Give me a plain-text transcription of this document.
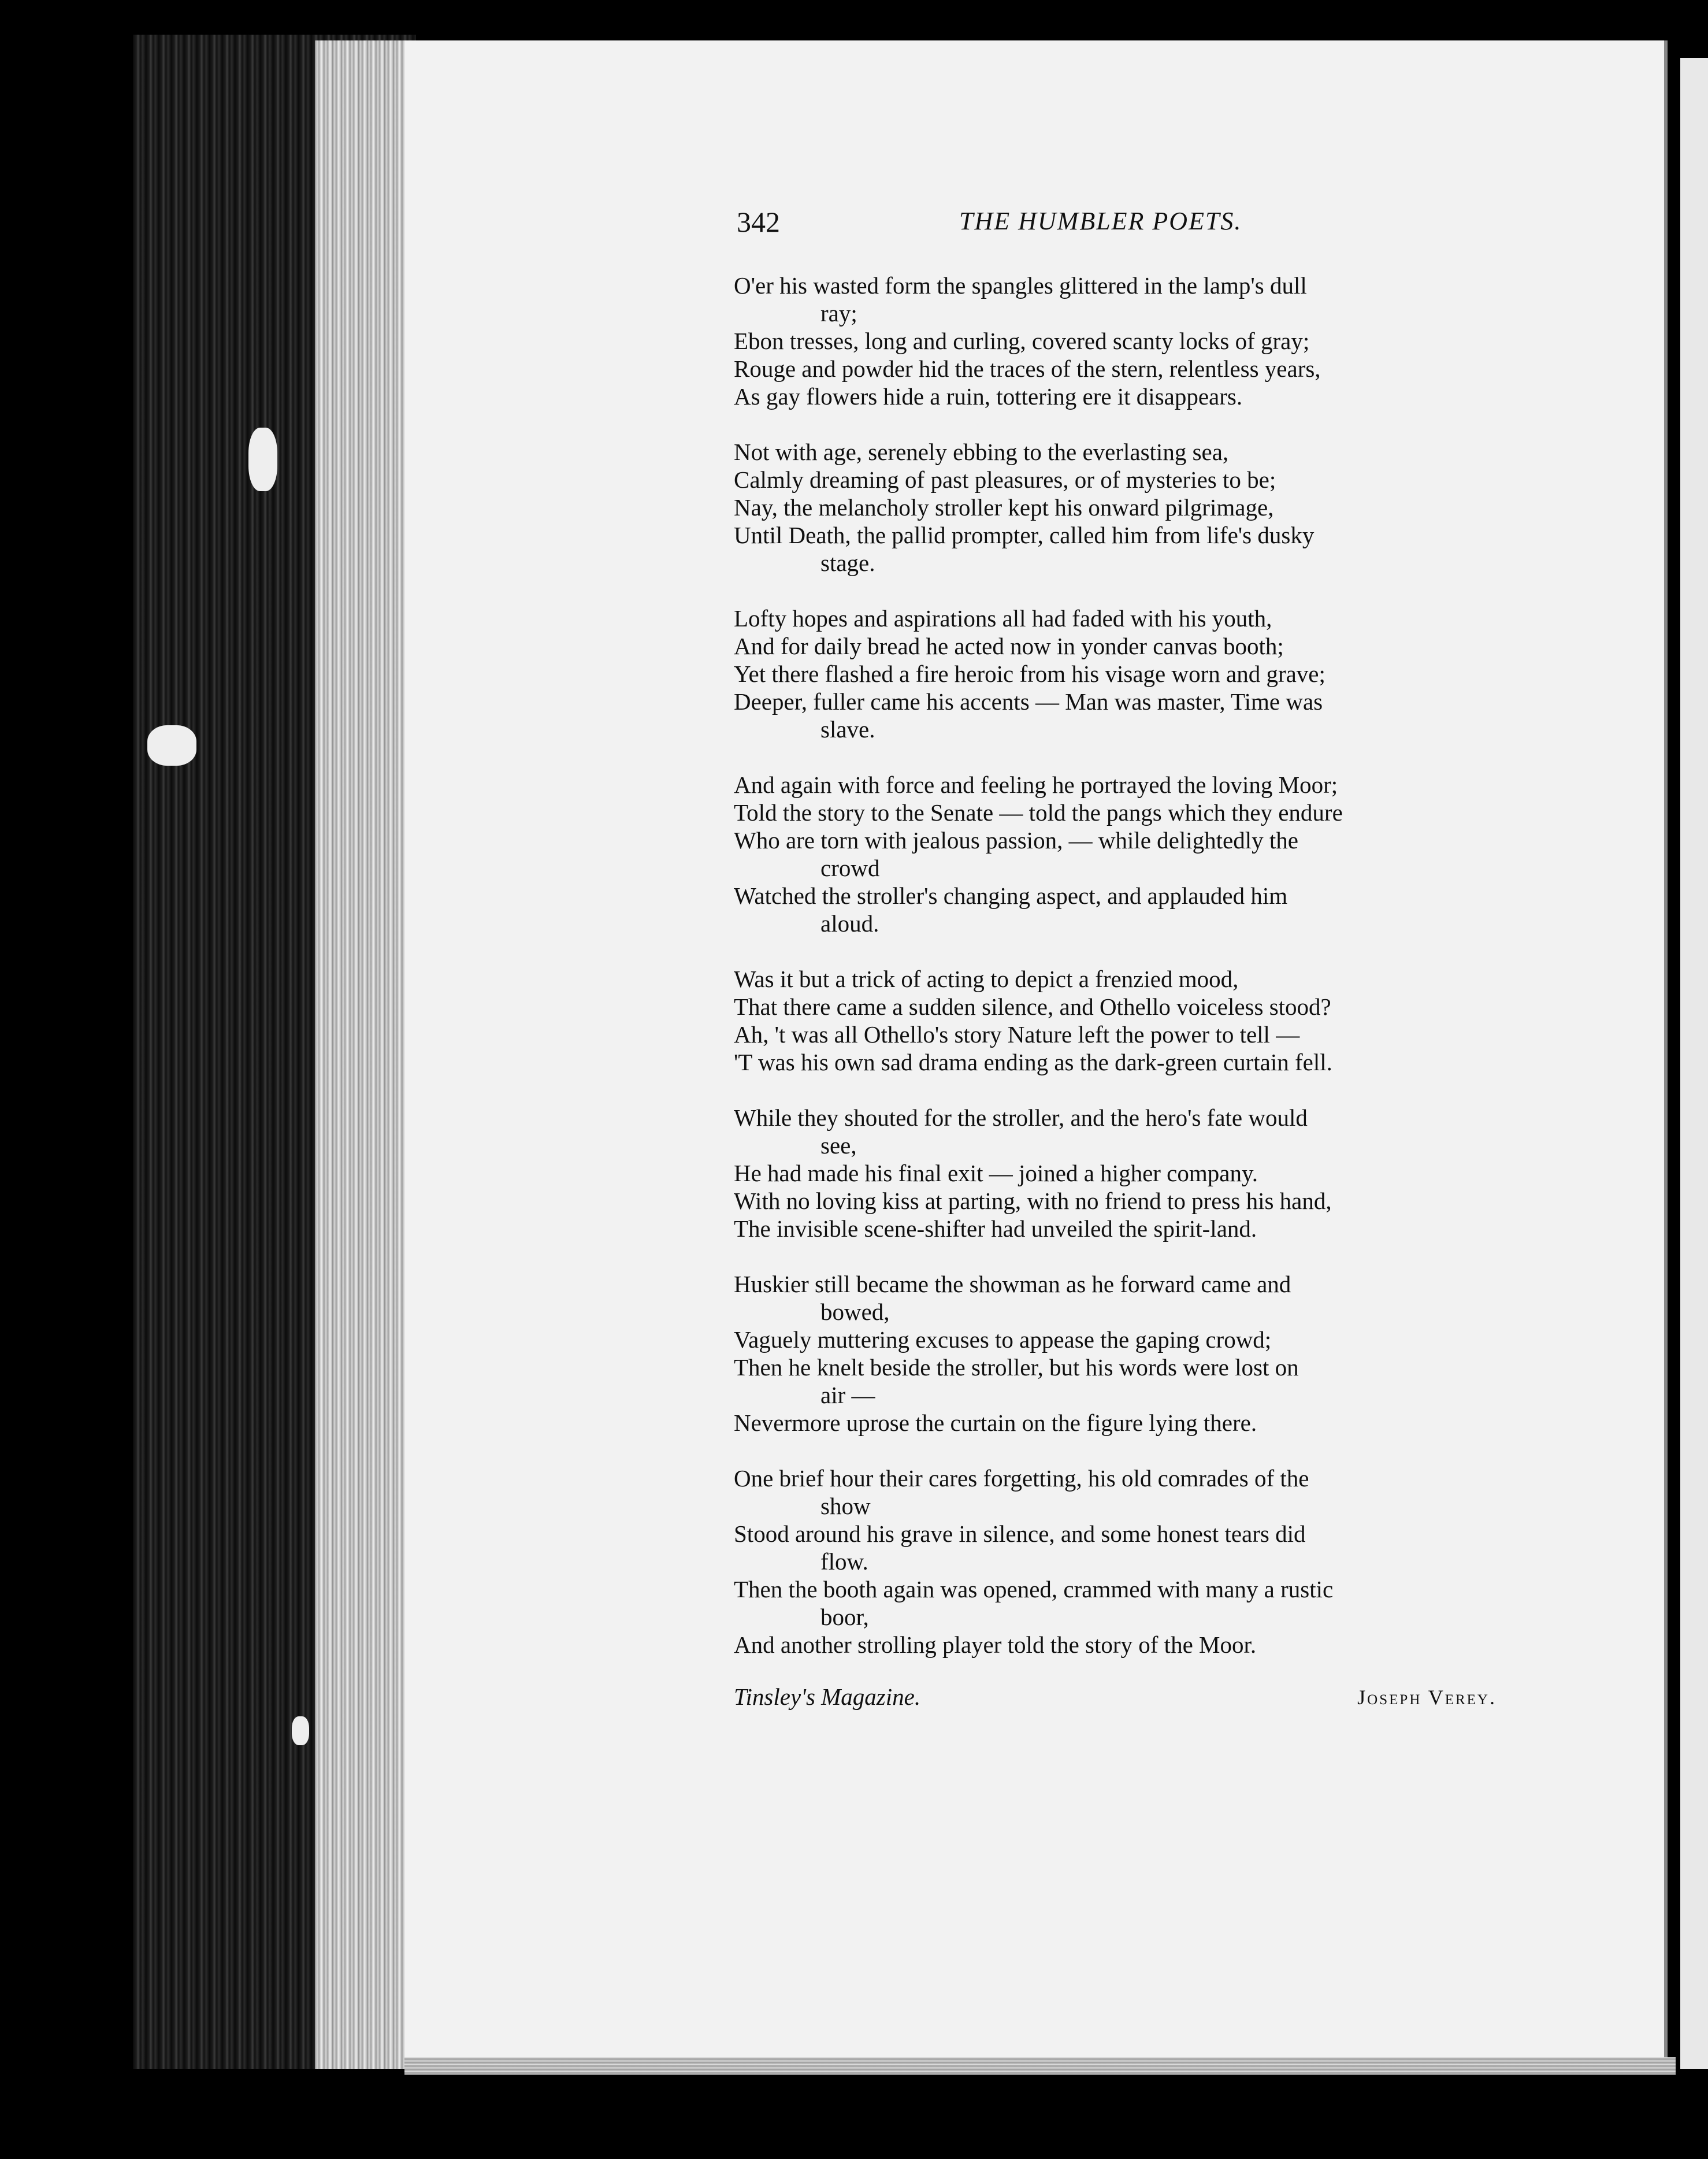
342	THE HUMBLER POETS.
O'er his wasted form the spangles glittered in the lamp's dull
ray;
Ebon tresses, long and curling, covered scanty locks of gray;
Rouge and powder hid the traces of the stern, relentless years,
As gay flowers hide a ruin, tottering ere it disappears.
Not with age, serenely ebbing to the everlasting sea,
Calmly dreaming of past pleasures, or of mysteries to be;
Nay, the melancholy stroller kept his onward pilgrimage,
Until Death, the pallid prompter, called him from life's dusky
stage.
Lofty hopes and aspirations all had faded with his youth,
And for daily bread he acted now in yonder canvas booth;
Yet there flashed a fire heroic from his visage worn and grave;
Deeper, fuller came his accents — Man was master, Time was
slave.
And again with force and feeling he portrayed the loving Moor;
Told the story to the Senate — told the pangs which they endure
Who are torn with jealous passion, — while delightedly the
crowd
Watched the stroller's changing aspect, and applauded him
aloud.
Was it but a trick of acting to depict a frenzied mood,
That there came a sudden silence, and Othello voiceless stood?
Ah, 't was all Othello's story Nature left the power to tell —
'T was his own sad drama ending as the dark-green curtain fell.
While they shouted for the stroller, and the hero's fate would
see,
He had made his final exit — joined a higher company.
With no loving kiss at parting, with no friend to press his hand,
The invisible scene-shifter had unveiled the spirit-land.
Huskier still became the showman as he forward came and
bowed,
Vaguely muttering excuses to appease the gaping crowd;
Then he knelt beside the stroller, but his words were lost on
air —
Nevermore uprose the curtain on the figure lying there.
One brief hour their cares forgetting, his old comrades of the
show
Stood around his grave in silence, and some honest tears did
flow.
Then the booth again was opened, crammed with many a rustic
boor,
And another strolling player told the story of the Moor.
Tinsley's Magazine.	Joseph Verey.
